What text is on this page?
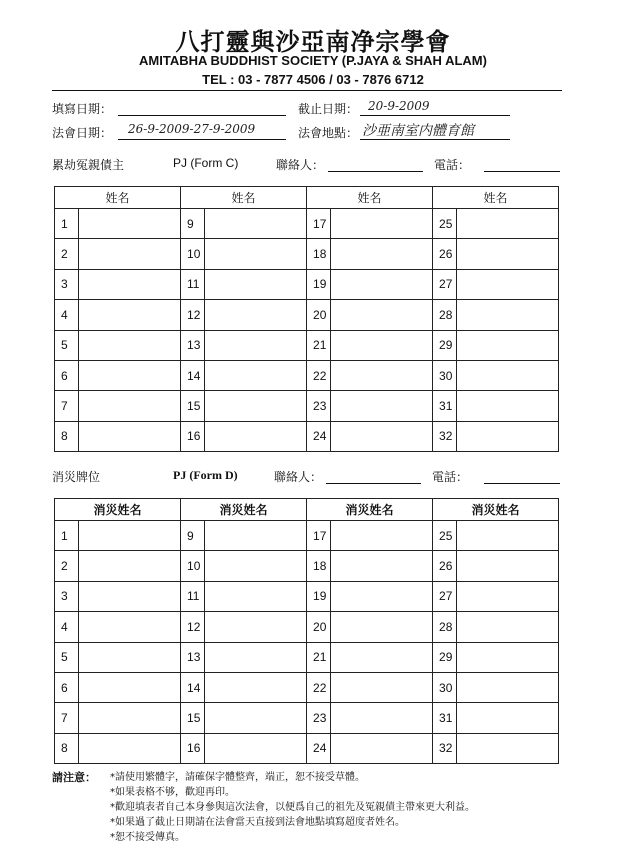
八打靈與沙亞南净宗學會
AMITABHA BUDDHIST SOCIETY (P.JAYA & SHAH ALAM)
TEL : 03 - 7877 4506 / 03 - 7876 6712
填寫日期：	截止日期： 20-9-2009
法會日期： 26-9-2009-27-9-2009	法會地點： 沙亜南室内體育館
累劫冤親債主	PJ (Form C)	聯絡人：	電話：
姓名		姓名		姓名		姓名	
1		9		17		25	
2		10		18		26	
3		11		19		27	
4		12		20		28	
5		13		21		29	
6		14		22		30	
7		15		23		31	
8		16		24		32	
消災牌位	PJ (Form D)	聯絡人：	電話：
消災姓名		消災姓名		消災姓名		消災姓名	
1		9		17		25	
2		10		18		26	
3		11		19		27	
4		12		20		28	
5		13		21		29	
6		14		22		30	
7		15		23		31	
8		16		24		32	
請注意： *請使用繁體字，請確保字體整齊，端正，恕不接受草體。
*如果表格不够，歡迎再印。
*歡迎填表者自己本身參與這次法會，以便爲自己的祖先及冤親債主帶來更大利益。
*如果過了截止日期請在法會當天直接到法會地點填寫超度者姓名。
*恕不接受傳真。
